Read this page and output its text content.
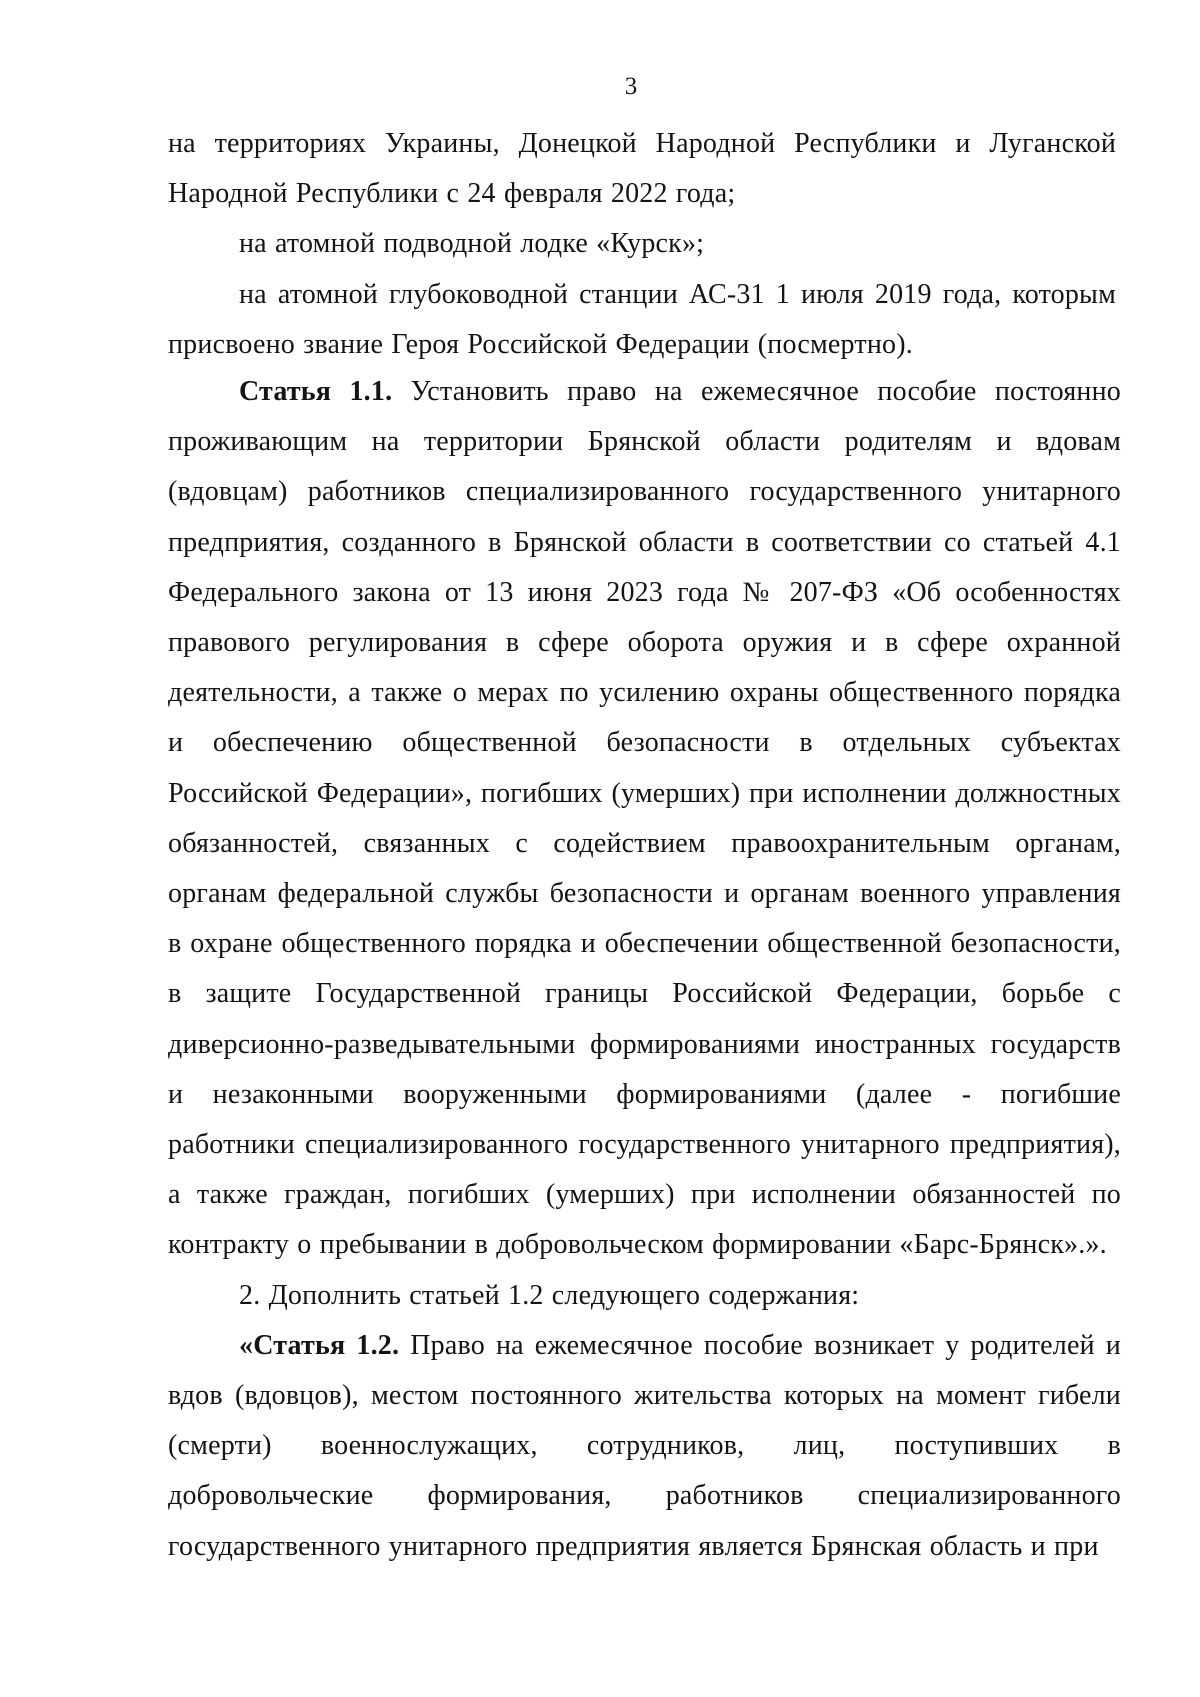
3

на территориях Украины, Донецкой Народной Республики и Луганской Народной Республики с 24 февраля 2022 года;

на атомной подводной лодке «Курск»;

на атомной глубоководной станции АС-31 1 июля 2019 года, которым присвоено звание Героя Российской Федерации (посмертно).

Статья 1.1. Установить право на ежемесячное пособие постоянно проживающим на территории Брянской области родителям и вдовам (вдовцам) работников специализированного государственного унитарного предприятия, созданного в Брянской области в соответствии со статьей 4.1 Федерального закона от 13 июня 2023 года № 207-ФЗ «Об особенностях правового регулирования в сфере оборота оружия и в сфере охранной деятельности, а также о мерах по усилению охраны общественного порядка и обеспечению общественной безопасности в отдельных субъектах Российской Федерации», погибших (умерших) при исполнении должностных обязанностей, связанных с содействием правоохранительным органам, органам федеральной службы безопасности и органам военного управления в охране общественного порядка и обеспечении общественной безопасности, в защите Государственной границы Российской Федерации, борьбе с диверсионно-разведывательными формированиями иностранных государств и незаконными вооруженными формированиями (далее - погибшие работники специализированного государственного унитарного предприятия), а также граждан, погибших (умерших) при исполнении обязанностей по контракту о пребывании в добровольческом формировании «Барс-Брянск».».

2. Дополнить статьей 1.2 следующего содержания:

«Статья 1.2. Право на ежемесячное пособие возникает у родителей и вдов (вдовцов), местом постоянного жительства которых на момент гибели (смерти) военнослужащих, сотрудников, лиц, поступивших в добровольческие формирования, работников специализированного государственного унитарного предприятия является Брянская область и при
